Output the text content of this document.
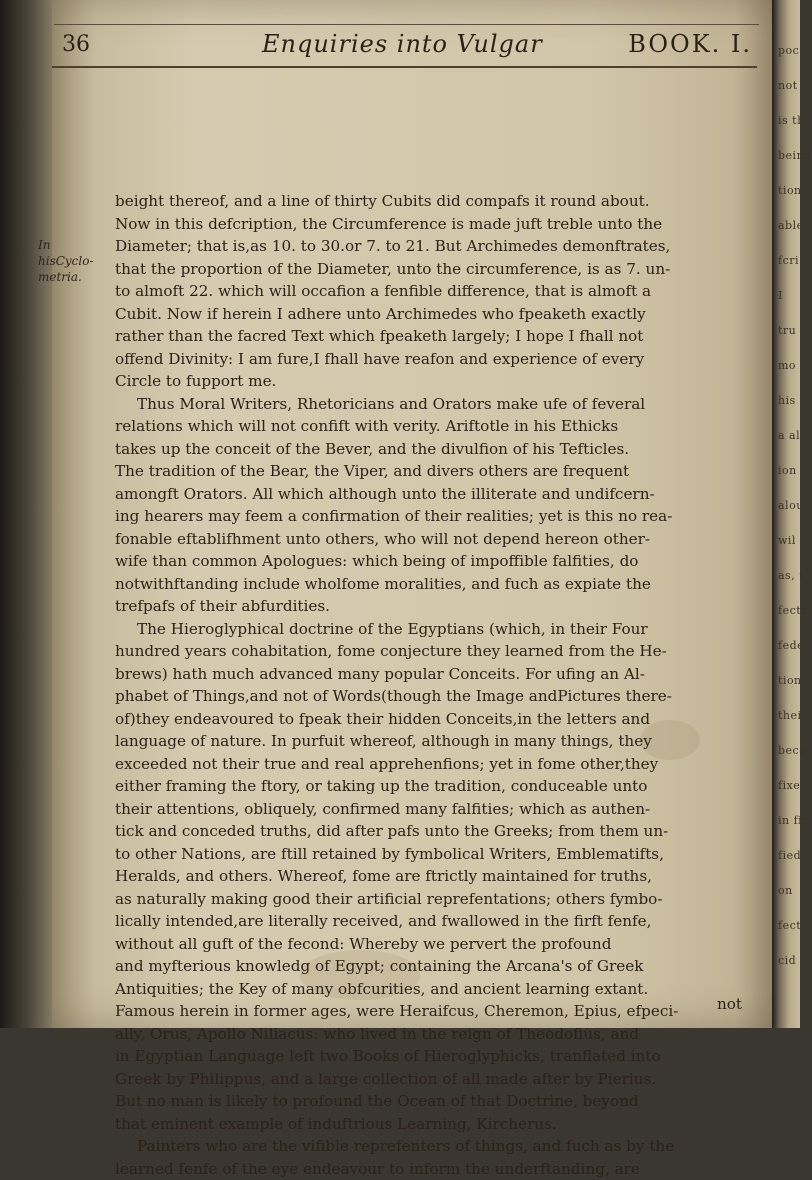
poc
not
is th
being
tion
able
fcri
I
tru
mo
his
a al
ion
alou
wil
as, t
fectr
fede
tion
thei
beco
fixe
in fir
fied,
on
fect
cid
36	Enquiries into Vulgar	BOOK. I.
In hisCyclo-metria.
beight thereof, and a line of thirty Cubits did compafs it round about.
Now in this defcription, the Circumference is made juft treble unto the
Diameter; that is,as 10. to 30.or 7. to 21. But Archimedes demonftrates,
that the proportion of the Diameter, unto the circumference, is as 7. un-
to almoft 22. which will occafion a fenfible difference, that is almoft a
Cubit. Now if herein I adhere unto Archimedes who fpeaketh exactly
rather than the facred Text which fpeaketh largely; I hope I fhall not
offend Divinity: I am fure,I fhall have reafon and experience of every
Circle to fupport me.
Thus Moral Writers, Rhetoricians and Orators make ufe of feveral
relations which will not confift with verity. Ariftotle in his Ethicks
takes up the conceit of the Bever, and the divulfion of his Tefticles.
The tradition of the Bear, the Viper, and divers others are frequent
amongft Orators. All which although unto the illiterate and undifcern-
ing hearers may feem a confirmation of their realities; yet is this no rea-
fonable eftablifhment unto others, who will not depend hereon other-
wife than common Apologues: which being of impoffible falfities, do
notwithftanding include wholfome moralities, and fuch as expiate the
trefpafs of their abfurdities.
The Hieroglyphical doctrine of the Egyptians (which, in their Four
hundred years cohabitation, fome conjecture they learned from the He-
brews) hath much advanced many popular Conceits. For ufing an Al-
phabet of Things,and not of Words(though the Image andPictures there-
of)they endeavoured to fpeak their hidden Conceits,in the letters and
language of nature. In purfuit whereof, although in many things, they
exceeded not their true and real apprehenfions; yet in fome other,they
either framing the ftory, or taking up the tradition, conduceable unto
their attentions, obliquely, confirmed many falfities; which as authen-
tick and conceded truths, did after pafs unto the Greeks; from them un-
to other Nations, are ftill retained by fymbolical Writers, Emblematifts,
Heralds, and others. Whereof, fome are ftrictly maintained for truths,
as naturally making good their artificial reprefentations; others fymbo-
lically intended,are literally received, and fwallowed in the firft fenfe,
without all guft of the fecond: Whereby we pervert the profound
and myfterious knowledg of Egypt; containing the Arcana's of Greek
Antiquities; the Key of many obfcurities, and ancient learning extant.
Famous herein in former ages, were Heraifcus, Cheremon, Epius, efpeci-
ally, Orus, Apollo Niliacus: who lived in the reign of Theodofius, and
in Egyptian Language left two Books of Hieroglyphicks, tranflated into
Greek by Philippus, and a large collection of all made after by Pierius.
But no man is likely to profound the Ocean of that Doctrine, beyond
that eminent example of induftrious Learning, Kircherus.
Painters who are the vifible reprefenters of things, and fuch as by the
learned fenfe of the eye endeavour to inform the underftanding, are
not
